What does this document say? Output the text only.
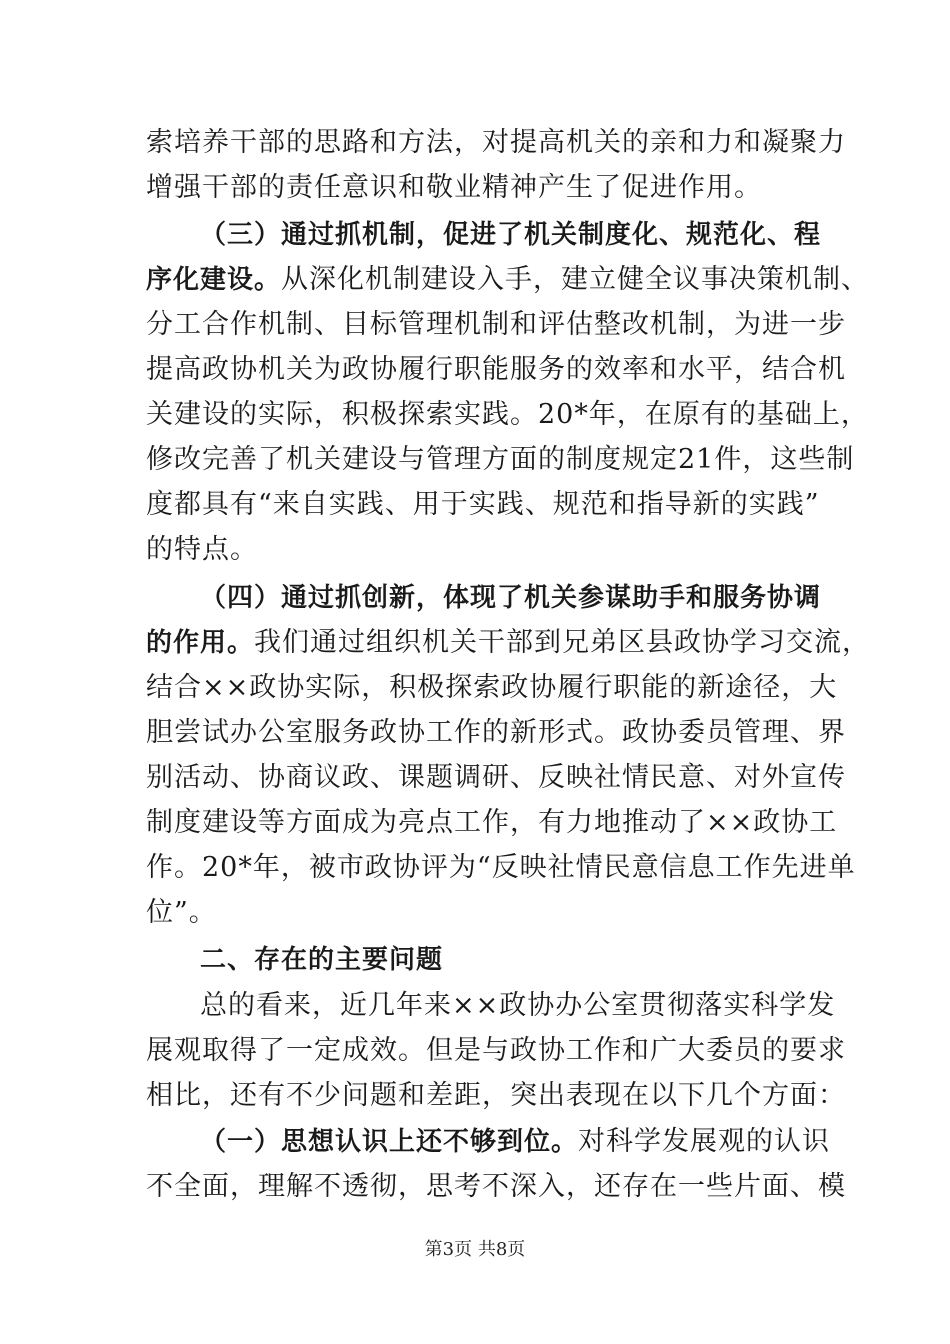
索培养干部的思路和方法，对提高机关的亲和力和凝聚力
增强干部的责任意识和敬业精神产生了促进作用。
（三）通过抓机制，促进了机关制度化、规范化、程
序化建设。从深化机制建设入手，建立健全议事决策机制、
分工合作机制、目标管理机制和评估整改机制，为进一步
提高政协机关为政协履行职能服务的效率和水平，结合机
关建设的实际，积极探索实践。20*年，在原有的基础上，
修改完善了机关建设与管理方面的制度规定21件，这些制
度都具有“来自实践、用于实践、规范和指导新的实践”
的特点。
（四）通过抓创新，体现了机关参谋助手和服务协调
的作用。我们通过组织机关干部到兄弟区县政协学习交流，
结合××政协实际，积极探索政协履行职能的新途径，大
胆尝试办公室服务政协工作的新形式。政协委员管理、界
别活动、协商议政、课题调研、反映社情民意、对外宣传
制度建设等方面成为亮点工作，有力地推动了××政协工
作。20*年，被市政协评为“反映社情民意信息工作先进单
位”。
二、存在的主要问题
总的看来，近几年来××政协办公室贯彻落实科学发
展观取得了一定成效。但是与政协工作和广大委员的要求
相比，还有不少问题和差距，突出表现在以下几个方面：
（一）思想认识上还不够到位。对科学发展观的认识
不全面，理解不透彻，思考不深入，还存在一些片面、模
第3页 共8页
